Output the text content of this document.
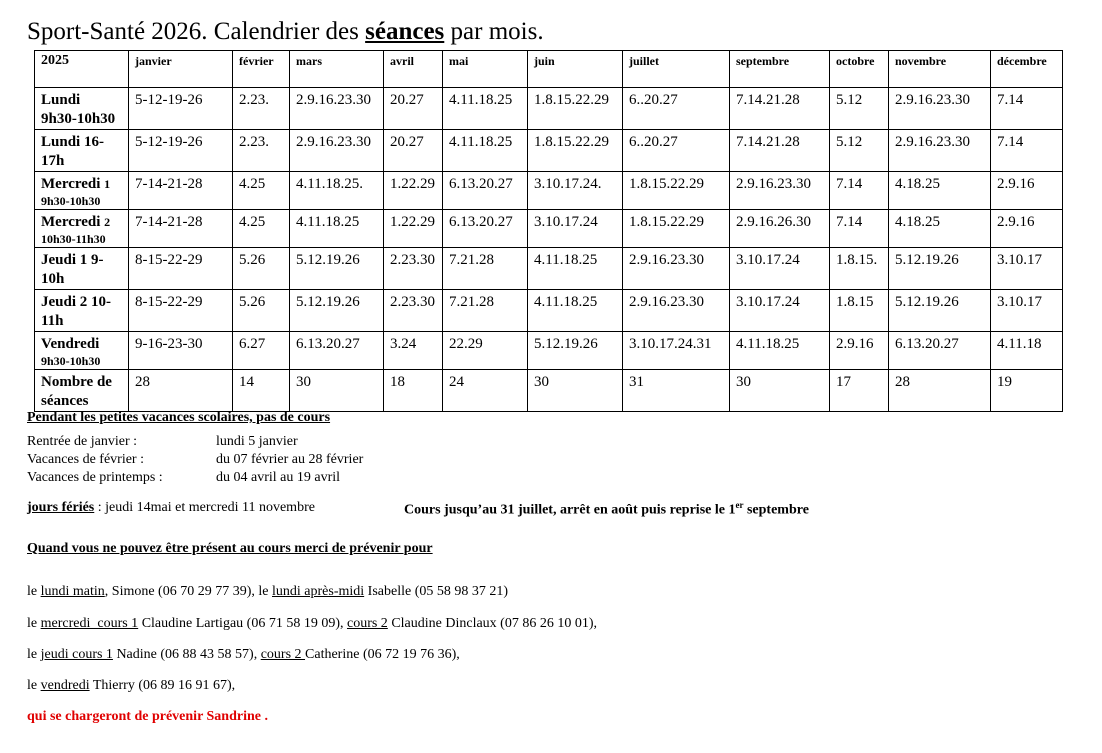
Sport-Santé 2026. Calendrier des séances par mois.
2025	janvier	février	mars	avril	mai	juin	juillet	septembre	octobre	novembre	décembre

Lundi
9h30-10h30	5-12-19-26	2.23.	2.9.16.23.30	20.27	4.11.18.25	1.8.15.22.29	6..20.27	7.14.21.28	5.12	2.9.16.23.30	7.14

Lundi 16-
17h	5-12-19-26	2.23.	2.9.16.23.30	20.27	4.11.18.25	1.8.15.22.29	6..20.27	7.14.21.28	5.12	2.9.16.23.30	7.14

Mercredi 1
9h30-10h30	7-14-21-28	4.25	4.11.18.25.	1.22.29	6.13.20.27	3.10.17.24.	1.8.15.22.29	2.9.16.23.30	7.14	4.18.25	2.9.16

Mercredi 2
10h30-11h30	7-14-21-28	4.25	4.11.18.25	1.22.29	6.13.20.27	3.10.17.24	1.8.15.22.29	2.9.16.26.30	7.14	4.18.25	2.9.16

Jeudi 1 9-
10h	8-15-22-29	5.26	5.12.19.26	2.23.30	7.21.28	4.11.18.25	2.9.16.23.30	3.10.17.24	1.8.15.	5.12.19.26	3.10.17

Jeudi 2 10-
11h	8-15-22-29	5.26	5.12.19.26	2.23.30	7.21.28	4.11.18.25	2.9.16.23.30	3.10.17.24	1.8.15	5.12.19.26	3.10.17

Vendredi
9h30-10h30	9-16-23-30	6.27	6.13.20.27	3.24	22.29	5.12.19.26	3.10.17.24.31	4.11.18.25	2.9.16	6.13.20.27	4.11.18

Nombre de
séances	28	14	30	18	24	30	31	30	17	28	19
Pendant les petites vacances scolaires, pas de cours
Rentrée de janvier :	lundi 5 janvier
Vacances de février :	du 07 février au 28 février
Vacances de printemps :	du 04 avril au 19 avril
jours fériés : jeudi 14mai et mercredi 11 novembre	Cours jusqu’au 31 juillet, arrêt en août puis reprise le 1er septembre
Quand vous ne pouvez être présent au cours merci de prévenir pour
le lundi matin, Simone (06 70 29 77 39), le lundi après-midi Isabelle (05 58 98 37 21)
le mercredi  cours 1 Claudine Lartigau (06 71 58 19 09), cours 2 Claudine Dinclaux (07 86 26 10 01),
le jeudi cours 1 Nadine (06 88 43 58 57), cours 2 Catherine (06 72 19 76 36),
le vendredi Thierry (06 89 16 91 67),
qui se chargeront de prévenir Sandrine .
